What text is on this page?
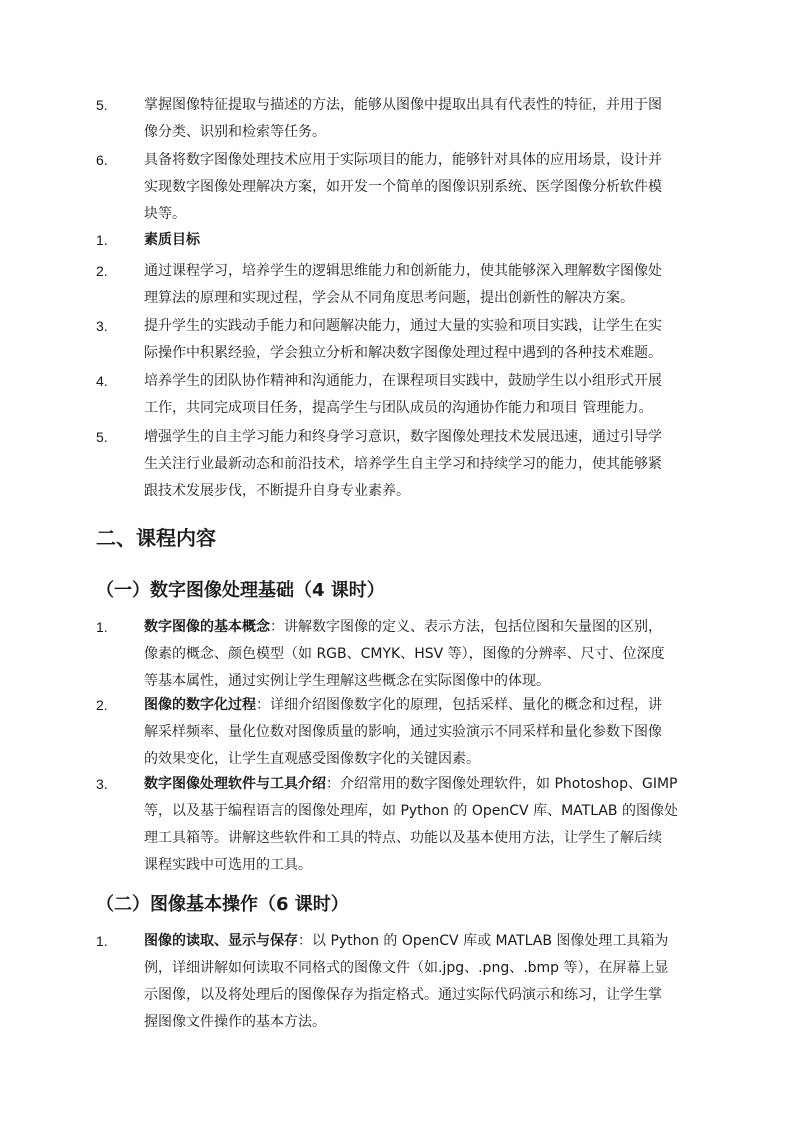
5.	掌握图像特征提取与描述的方法，能够从图像中提取出具有代表性的特征，并用于图
像分类、识别和检索等任务。
6.	具备将数字图像处理技术应用于实际项目的能力，能够针对具体的应用场景，设计并
实现数字图像处理解决方案，如开发一个简单的图像识别系统、医学图像分析软件模
块等。
1.	素质目标
2.	通过课程学习，培养学生的逻辑思维能力和创新能力，使其能够深入理解数字图像处
理算法的原理和实现过程，学会从不同角度思考问题，提出创新性的解决方案。
3.	提升学生的实践动手能力和问题解决能力，通过大量的实验和项目实践，让学生在实
际操作中积累经验，学会独立分析和解决数字图像处理过程中遇到的各种技术难题。
4.	培养学生的团队协作精神和沟通能力，在课程项目实践中，鼓励学生以小组形式开展
工作，共同完成项目任务，提高学生与团队成员的沟通协作能力和项目 管理能力。
5.	增强学生的自主学习能力和终身学习意识，数字图像处理技术发展迅速，通过引导学
生关注行业最新动态和前沿技术，培养学生自主学习和持续学习的能力，使其能够紧
跟技术发展步伐，不断提升自身专业素养。
二、课程内容
（一）数字图像处理基础（4 课时）
1.	数字图像的基本概念：讲解数字图像的定义、表示方法，包括位图和矢量图的区别，
像素的概念、颜色模型（如 RGB、CMYK、HSV 等），图像的分辨率、尺寸、位深度
等基本属性，通过实例让学生理解这些概念在实际图像中的体现。
2.	图像的数字化过程：详细介绍图像数字化的原理，包括采样、量化的概念和过程，讲
解采样频率、量化位数对图像质量的影响，通过实验演示不同采样和量化参数下图像
的效果变化，让学生直观感受图像数字化的关键因素。
3.	数字图像处理软件与工具介绍：介绍常用的数字图像处理软件，如 Photoshop、GIMP
等，以及基于编程语言的图像处理库，如 Python 的 OpenCV 库、MATLAB 的图像处
理工具箱等。讲解这些软件和工具的特点、功能以及基本使用方法，让学生了解后续
课程实践中可选用的工具。
（二）图像基本操作（6 课时）
1.	图像的读取、显示与保存：以 Python 的 OpenCV 库或 MATLAB 图像处理工具箱为
例，详细讲解如何读取不同格式的图像文件（如.jpg、.png、.bmp 等），在屏幕上显
示图像，以及将处理后的图像保存为指定格式。通过实际代码演示和练习，让学生掌
握图像文件操作的基本方法。
